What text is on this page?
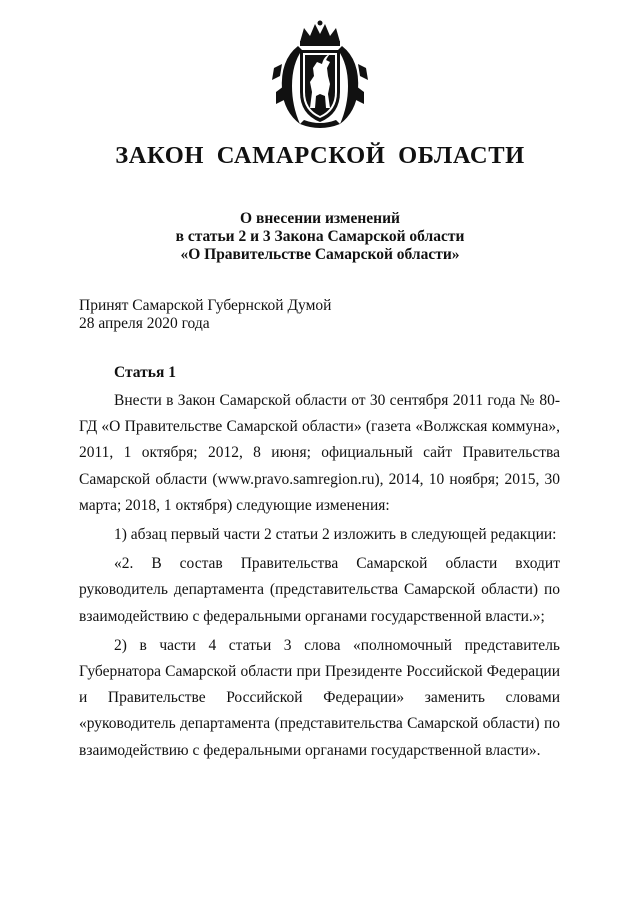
ЗАКОН САМАРСКОЙ ОБЛАСТИ
О внесении изменений
в статьи 2 и 3 Закона Самарской области
«О Правительстве Самарской области»
Принят Самарской Губернской Думой
28 апреля 2020 года
Статья 1

Внести в Закон Самарской области от 30 сентября 2011 года № 80-ГД «О Правительстве Самарской области» (газета «Волжская коммуна», 2011, 1 октября; 2012, 8 июня; официальный сайт Правительства Самарской области (www.pravo.samregion.ru), 2014, 10 ноября; 2015, 30 марта; 2018, 1 октября) следующие изменения:

1) абзац первый части 2 статьи 2 изложить в следующей редакции:

«2. В состав Правительства Самарской области входит руководитель департамента (представительства Самарской области) по взаимодействию с федеральными органами государственной власти.»;

2) в части 4 статьи 3 слова «полномочный представитель Губернатора Самарской области при Президенте Российской Федерации и Правительстве Российской Федерации» заменить словами «руководитель департамента (представительства Самарской области) по взаимодействию с федеральными органами государственной власти».
